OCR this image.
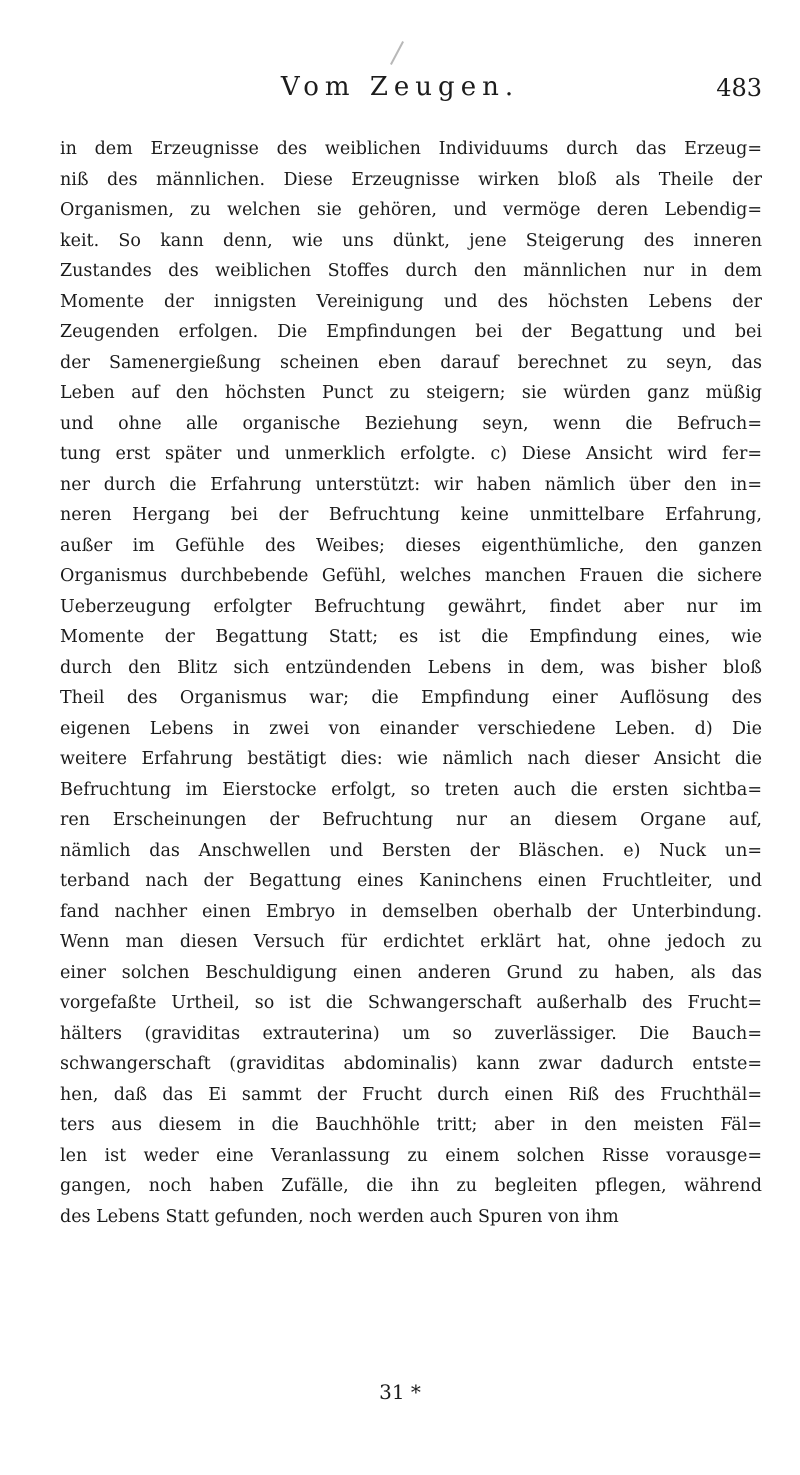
Vom Zeugen.	483
in dem Erzeugnisse des weiblichen Individuums durch das Erzeug=
niß des männlichen. Diese Erzeugnisse wirken bloß als Theile der
Organismen, zu welchen sie gehören, und vermöge deren Lebendig=
keit. So kann denn, wie uns dünkt, jene Steigerung des inneren
Zustandes des weiblichen Stoffes durch den männlichen nur in dem
Momente der innigsten Vereinigung und des höchsten Lebens der
Zeugenden erfolgen. Die Empfindungen bei der Begattung und bei
der Samenergießung scheinen eben darauf berechnet zu seyn, das
Leben auf den höchsten Punct zu steigern; sie würden ganz müßig
und ohne alle organische Beziehung seyn, wenn die Befruch=
tung erst später und unmerklich erfolgte. c) Diese Ansicht wird fer=
ner durch die Erfahrung unterstützt: wir haben nämlich über den in=
neren Hergang bei der Befruchtung keine unmittelbare Erfahrung,
außer im Gefühle des Weibes; dieses eigenthümliche, den ganzen
Organismus durchbebende Gefühl, welches manchen Frauen die sichere
Ueberzeugung erfolgter Befruchtung gewährt, findet aber nur im
Momente der Begattung Statt; es ist die Empfindung eines, wie
durch den Blitz sich entzündenden Lebens in dem, was bisher bloß
Theil des Organismus war; die Empfindung einer Auflösung des
eigenen Lebens in zwei von einander verschiedene Leben. d) Die
weitere Erfahrung bestätigt dies: wie nämlich nach dieser Ansicht die
Befruchtung im Eierstocke erfolgt, so treten auch die ersten sichtba=
ren Erscheinungen der Befruchtung nur an diesem Organe auf,
nämlich das Anschwellen und Bersten der Bläschen. e) Nuck un=
terband nach der Begattung eines Kaninchens einen Fruchtleiter, und
fand nachher einen Embryo in demselben oberhalb der Unterbindung.
Wenn man diesen Versuch für erdichtet erklärt hat, ohne jedoch zu
einer solchen Beschuldigung einen anderen Grund zu haben, als das
vorgefaßte Urtheil, so ist die Schwangerschaft außerhalb des Frucht=
hälters (graviditas extrauterina) um so zuverlässiger. Die Bauch=
schwangerschaft (graviditas abdominalis) kann zwar dadurch entste=
hen, daß das Ei sammt der Frucht durch einen Riß des Fruchthäl=
ters aus diesem in die Bauchhöhle tritt; aber in den meisten Fäl=
len ist weder eine Veranlassung zu einem solchen Risse vorausge=
gangen, noch haben Zufälle, die ihn zu begleiten pflegen, während
des Lebens Statt gefunden, noch werden auch Spuren von ihm
31 *
